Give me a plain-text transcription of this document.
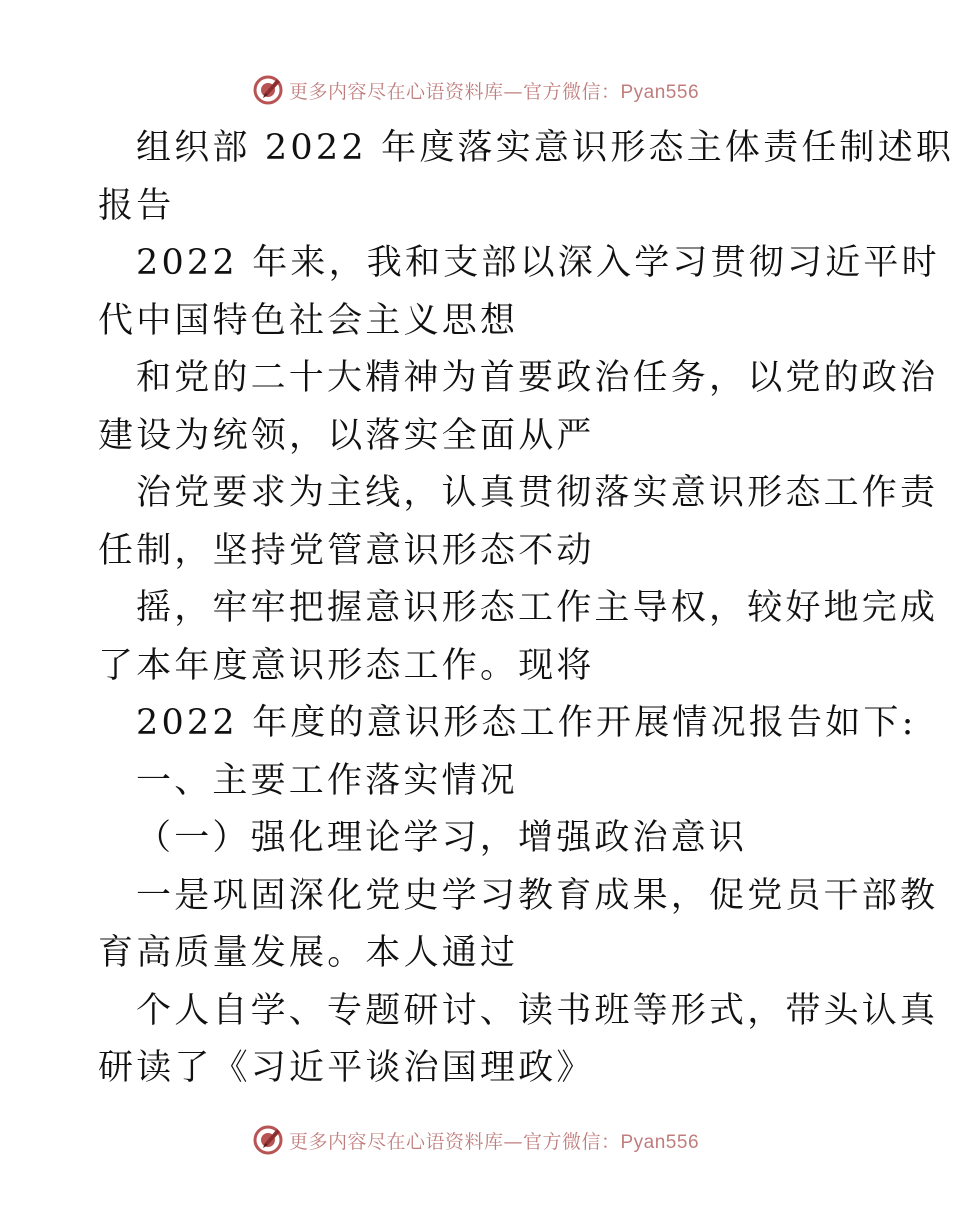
更多内容尽在心语资料库—官方微信：Pyan556
组织部 2022 年度落实意识形态主体责任制述职
报告
2022 年来，我和支部以深入学习贯彻习近平时
代中国特色社会主义思想
和党的二十大精神为首要政治任务，以党的政治
建设为统领，以落实全面从严
治党要求为主线，认真贯彻落实意识形态工作责
任制，坚持党管意识形态不动
摇，牢牢把握意识形态工作主导权，较好地完成
了本年度意识形态工作。现将
2022 年度的意识形态工作开展情况报告如下:
一、主要工作落实情况
（一）强化理论学习，增强政治意识
一是巩固深化党史学习教育成果，促党员干部教
育高质量发展。本人通过
个人自学、专题研讨、读书班等形式，带头认真
研读了《习近平谈治国理政》
更多内容尽在心语资料库—官方微信：Pyan556
